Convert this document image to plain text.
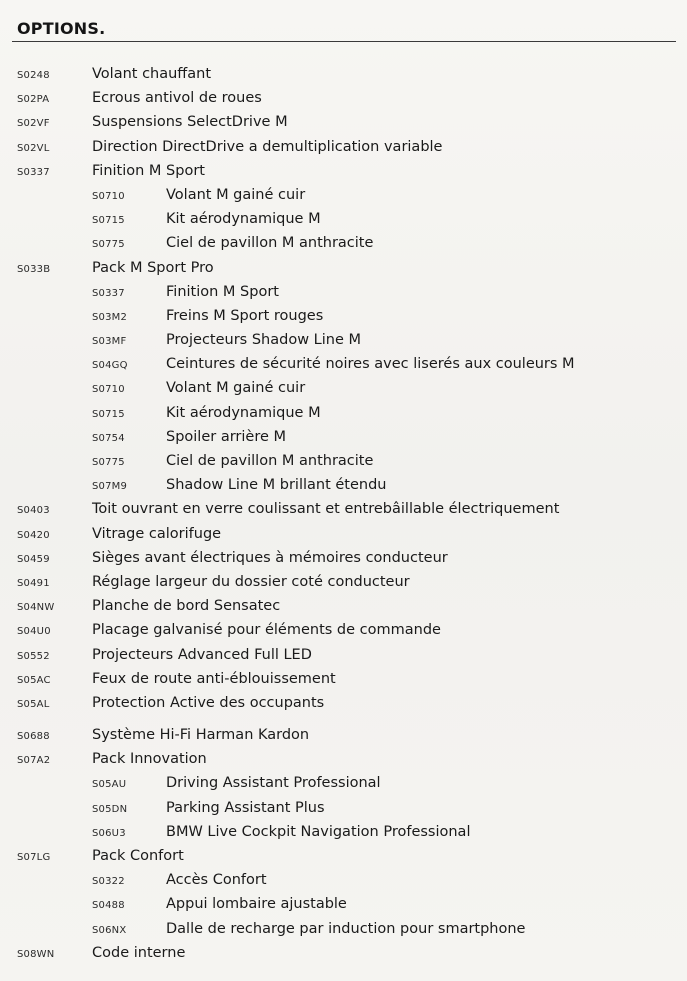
OPTIONS.
S0248	Volant chauffant
S02PA	Ecrous antivol de roues
S02VF	Suspensions SelectDrive M
S02VL	Direction DirectDrive a demultiplication variable
S0337	Finition M Sport
S0710	Volant M gainé cuir
S0715	Kit aérodynamique M
S0775	Ciel de pavillon M anthracite
S033B	Pack M Sport Pro
S0337	Finition M Sport
S03M2	Freins M Sport rouges
S03MF	Projecteurs Shadow Line M
S04GQ	Ceintures de sécurité noires avec liserés aux couleurs M
S0710	Volant M gainé cuir
S0715	Kit aérodynamique M
S0754	Spoiler arrière M
S0775	Ciel de pavillon M anthracite
S07M9	Shadow Line M brillant étendu
S0403	Toit ouvrant en verre coulissant et entrebâillable électriquement
S0420	Vitrage calorifuge
S0459	Sièges avant électriques à mémoires conducteur
S0491	Réglage largeur du dossier coté conducteur
S04NW	Planche de bord Sensatec
S04U0	Placage galvanisé pour éléments de commande
S0552	Projecteurs Advanced Full LED
S05AC	Feux de route anti-éblouissement
S05AL	Protection Active des occupants
S0688	Système Hi-Fi Harman Kardon
S07A2	Pack Innovation
S05AU	Driving Assistant Professional
S05DN	Parking Assistant Plus
S06U3	BMW Live Cockpit Navigation Professional
S07LG	Pack Confort
S0322	Accès Confort
S0488	Appui lombaire ajustable
S06NX	Dalle de recharge par induction pour smartphone
S08WN	Code interne
